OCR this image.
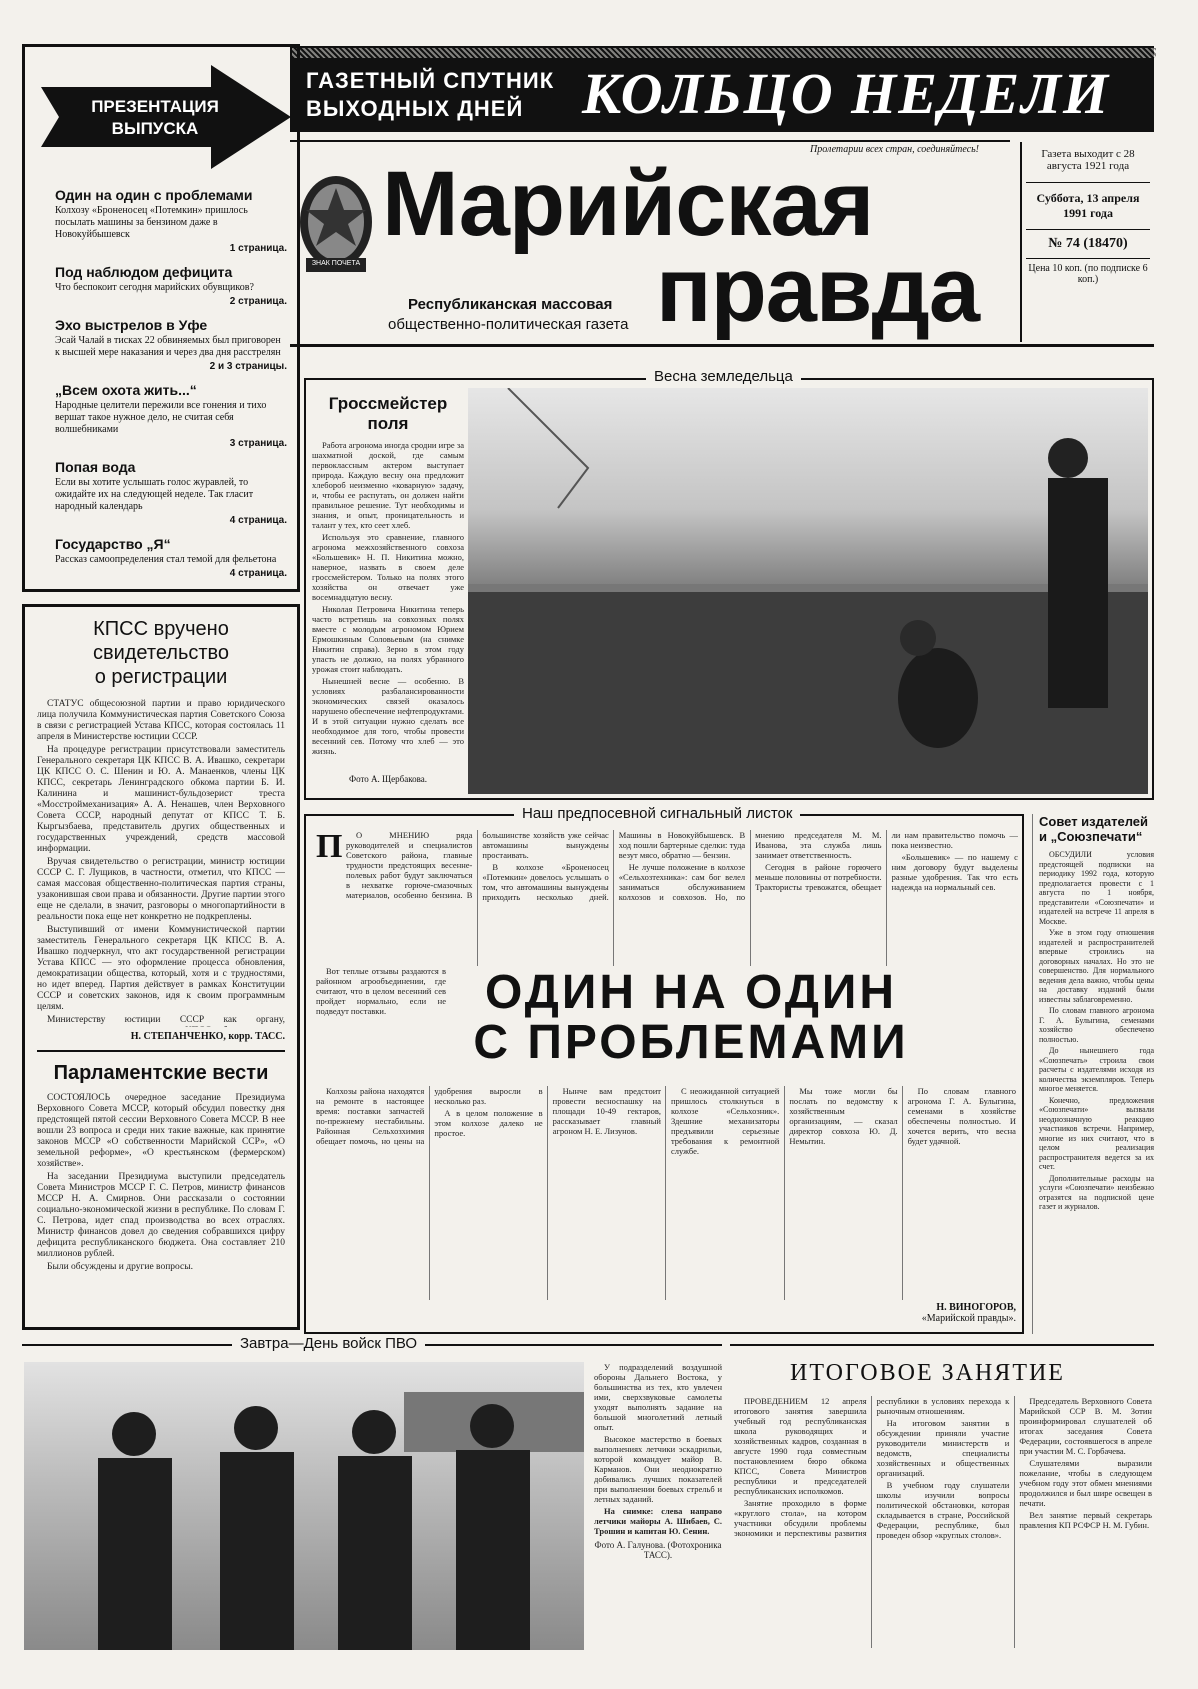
ГАЗЕТНЫЙ СПУТНИК
ВЫХОДНЫХ ДНЕЙ КОЛЬЦО НЕДЕЛИ
Пролетарии всех стран, соединяйтесь!
ЗНАК ПОЧЕТА
Марийская
правда
Республиканская массовая
общественно-политическая газета
Газета выходит с 28 августа 1921 года
Суббота, 13 апреля 1991 года
№ 74 (18470)
Цена 10 коп. (по подписке 6 коп.)
ПРЕЗЕНТАЦИЯ
ВЫПУСКА

Один на один с проблемами

Колхозу «Броненосец «Потемкин» пришлось посылать машины за бензином даже в Новокуйбышевск

1 страница.

Под наблюдом дефицита

Что беспокоит сегодня марийских обувщиков?

2 страница.

Эхо выстрелов в Уфе

Эсай Чалай в тисках 22 обвиняемых был приговорен к высшей мере наказания и через два дня расстрелян

2 и 3 страницы.

„Всем охота жить...“

Народные целители пережили все гонения и тихо вершат такое нужное дело, не считая себя волшебниками

3 страница.

Попая вода

Если вы хотите услышать голос журавлей, то ожидайте их на следующей неделе. Так гласит народный календарь

4 страница.

Государство „Я“

Рассказ самоопределения стал темой для фельетона

4 страница.

КПСС вручено
свидетельство
о регистрации

СТАТУС общесоюзной партии и право юридического лица получила Коммунистическая партия Советского Союза в связи с регистрацией Устава КПСС, которая состоялась 11 апреля в Министерстве юстиции СССР.

На процедуре регистрации присутствовали заместитель Генерального секретаря ЦК КПСС В. А. Ивашко, секретари ЦК КПСС О. С. Шенин и Ю. А. Манаенков, члены ЦК КПСС, секретарь Ленинградского обкома партии Б. И. Калинина и машинист-бульдозерист треста «Мосстроймеханизация» А. А. Ненашев, член Верховного Совета СССР, народный депутат от КПСС Т. Б. Кыргызбаева, представитель других общественных и государственных учреждений, средств массовой информации.

Вручая свидетельство о регистрации, министр юстиции СССР С. Г. Лущиков, в частности, отметил, что КПСС — самая массовая общественно-политическая партия страны, узаконившая свои права и обязанности. Другие партии этого еще не сделали, в значит, разговоры о многопартийности в реальности пока еще нет конкретно не подкреплены.

Выступивший от имени Коммунистической партии заместитель Генерального секретаря ЦК КПСС В. А. Ивашко подчеркнул, что акт государственной регистрации Устава КПСС — это оформление процесса обновления, демократизации общества, который, хотя и с трудностями, но идет вперед. Партия действует в рамках Конституции СССР и советских законов, идя к своим программным целям.

Министерству юстиции СССР как органу,

Н. СТЕПАНЧЕНКО, корр. ТАСС.
Парламентские вести

СОСТОЯЛОСЬ очередное заседание Президиума Верховного Совета МССР, который обсудил повестку дня предстоящей пятой сессии Верховного Совета МССР. В нее вошли 23 вопроса и среди них такие важные, как принятие законов МССР «О собственности Марийской ССР», «О земельной реформе», «О крестьянском (фермерском) хозяйстве».

На заседании Президиума выступили председатель Совета Министров МССР Г. С. Петров, министр финансов МССР Н. А. Смирнов. Они рассказали о состоянии социально-экономической жизни в республике. По словам Г. С. Петрова, идет спад производства во всех отраслях. Министр финансов довел до сведения собравшихся цифру дефицита республиканского бюджета. Она составляет 210 миллионов рублей.

Были обсуждены и другие вопросы.

Весна земледельца
Гроссмейстер
поля

Работа агронома иногда сродни игре за шахматной доской, где самым первоклассным актером выступает природа. Каждую весну она предложит хлебороб неизменно «коварную» задачу, и, чтобы ее распутать, он должен найти правильное решение. Тут необходимы и знания, и опыт, проницательность и талант у тех, кто сеет хлеб.

Используя это сравнение, главного агронома межхозяйственного совхоза «Большевик» Н. П. Никитина можно, наверное, назвать в своем деле гроссмейстером. Только на полях этого хозяйства он отвечает уже восемнадцатую весну.

Николая Петровича Никитина теперь часто встретишь на совхозных полях вместе с молодым агрономом Юрием Ермошкиным Соловьевым (на снимке Никитин справа). Зерно в этом году упасть не должно, на полях убранного урожая стоит наблюдать.

Нынешней весне — особенно. В условиях разбалансированности экономических связей оказалось нарушено обеспечение нефтепродуктами. И в этой ситуации нужно сделать все необходимое для того, чтобы провести весенний сев. Потому что хлеб — это жизнь.

Фото А. Щербакова.
Наш предпосевной сигнальный листок
П	О МНЕНИЮ ряда руководителей и специалистов Советского района, главные трудности предстоящих весенне-полевых работ будут заключаться в нехватке горюче-смазочных материалов, особенно бензина. В большинстве хозяйств уже сейчас автомашины вынуждены простаивать.

В колхозе «Броненосец «Потемкин» довелось услышать о том, что автомашины вынуждены приходить несколько дней. Машины в Новокуйбышевск. В ход пошли бартерные сделки: туда везут мясо, обратно — бензин.

Не лучше положение в колхозе «Сельхозтехника»: сам бог велел заниматься обслуживанием колхозов и совхозов. Но, по мнению председателя М. М. Иванова, эта служба лишь занимает ответственность.

Сегодня в районе горючего меньше половины от потребности. Трактористы тревожатся, обещает ли нам правительство помочь — пока неизвестно.

«Большевик» — по нашему с ним договору будут выделены разные удобрения. Так что есть надежда на нормальный сев.

Вот теплые отзывы раздаются в районном агрообъединении, где считают, что в целом весенний сев пройдет нормально, если не подведут поставки.	ОДИН НА ОДИН
С ПРОБЛЕМАМИ

Колхозы района находятся на ремонте в настоящее время: поставки запчастей по-прежнему нестабильны. Районная Сельхозхимия обещает помочь, но цены на удобрения выросли в несколько раз.

А в целом положение в этом колхозе далеко не простое.

Нынче вам предстоит провести весноспашку на площади 10-49 гектаров, рассказывает главный агроном Н. Е. Лизунов.

С неожиданной ситуацией пришлось столкнуться в колхозе «Сельхозник». Здешние механизаторы предъявили серьезные требования к ремонтной службе.

Мы тоже могли бы послать по ведомству к хозяйственным организациям, — сказал директор совхоза Ю. Д. Немытин.

По словам главного агронома Г. А. Булыгина, семенами в хозяйстве обеспечены полностью. И хочется верить, что весна будет удачной.

Н. ВИНОГОРОВ,
«Марийской правды».
Совет издателей
и „Союзпечати“

ОБСУДИЛИ условия предстоящей подписки на периодику 1992 года, которую предполагается провести с 1 августа по 1 ноября, представители «Союзпечати» и издателей на встрече 11 апреля в Москве.

Уже в этом году отношения издателей и распространителей впервые строились на договорных началах. Но это не совершенство. Для нормального ведения дела важно, чтобы цены на доставку изданий были известны заблаговременно.

По словам главного агронома Г. А. Булыгина, семенами хозяйство обеспечено полностью.

До нынешнего года «Союзпечать» строила свои расчеты с издателями исходя из количества экземпляров. Теперь многое меняется.

Конечно, предложения «Союзпечати» вызвали неоднозначную реакцию участников встречи. Например, многие из них считают, что в целом реализация распространителя ведется за их счет.

Дополнительные расходы на услуги «Союзпечати» неизбежно отразятся на подписной цене газет и журналов.

Завтра—День войск ПВО

У подразделений воздушной обороны Дальнего Востока, у большинства из тех, кто увлечен ими, сверхзвуковые самолеты уходят выполнять задание на большой многолетний летный опыт.

Высокое мастерство в боевых выполнениях летчики эскадрильи, которой командует майор В. Карманов. Они неоднократно добивались лучших показателей при выполнении боевых стрельб и летных заданий.

На снимке: слева направо летчики майоры А. Шибаев, С. Трошин и капитан Ю. Сенин.

Фото А. Галунова. (Фотохроника ТАСС).
ИТОГОВОЕ ЗАНЯТИЕ

ПРОВЕДЕНИЕМ 12 апреля итогового занятия завершила учебный год республиканская школа руководящих и хозяйственных кадров, созданная в августе 1990 года совместным постановлением бюро обкома КПСС, Совета Министров республики и председателей республиканских исполкомов.

Занятие проходило в форме «круглого стола», на котором участники обсудили проблемы экономики и перспективы развития республики в условиях перехода к рыночным отношениям.

На итоговом занятии в обсуждении приняли участие руководители министерств и ведомств, специалисты хозяйственных и общественных организаций.

В учебном году слушатели школы изучили вопросы политической обстановки, которая складывается в стране, Российской Федерации, республике, был проведен обзор «круглых столов».

Председатель Верховного Совета Марийской ССР В. М. Зотин проинформировал слушателей об итогах заседания Совета Федерации, состоявшегося в апреле при участии М. С. Горбачева.

Слушателями выразили пожелание, чтобы в следующем учебном году этот обмен мнениями продолжился и был шире освещен в печати.

Вел занятие первый секретарь правления КП РСФСР Н. М. Губин.
